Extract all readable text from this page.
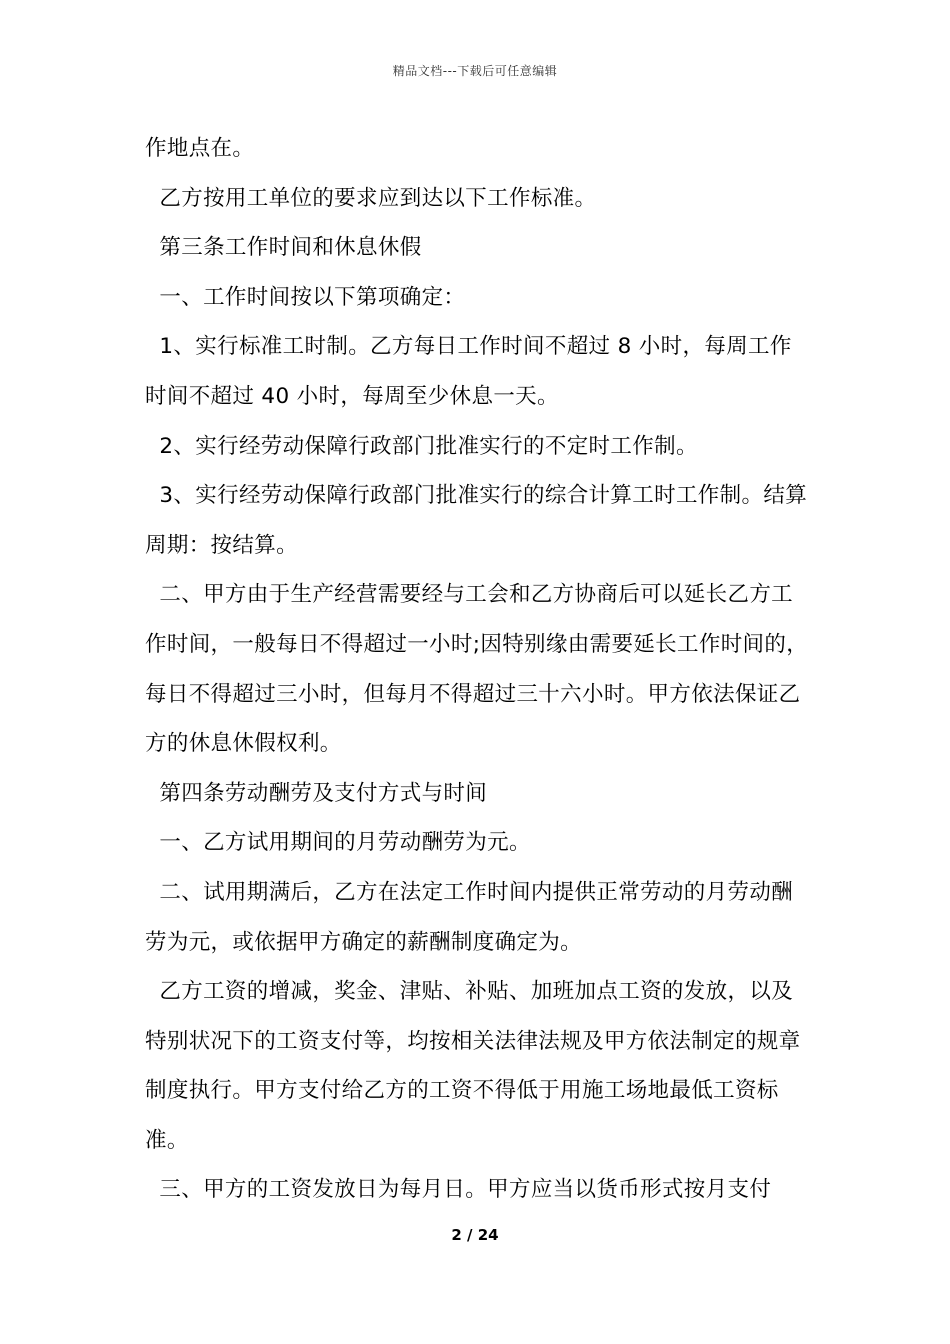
精品文档---下载后可任意编辑

作地点在。

乙方按用工单位的要求应到达以下工作标准。

第三条工作时间和休息休假

一、工作时间按以下第项确定：

1、实行标准工时制。乙方每日工作时间不超过 8 小时，每周工作时间不超过 40 小时，每周至少休息一天。

2、实行经劳动保障行政部门批准实行的不定时工作制。

3、实行经劳动保障行政部门批准实行的综合计算工时工作制。结算周期：按结算。

二、甲方由于生产经营需要经与工会和乙方协商后可以延长乙方工作时间，一般每日不得超过一小时;因特别缘由需要延长工作时间的，每日不得超过三小时，但每月不得超过三十六小时。甲方依法保证乙方的休息休假权利。

第四条劳动酬劳及支付方式与时间

一、乙方试用期间的月劳动酬劳为元。

二、试用期满后，乙方在法定工作时间内提供正常劳动的月劳动酬劳为元，或依据甲方确定的薪酬制度确定为。

乙方工资的增减，奖金、津贴、补贴、加班加点工资的发放，以及特别状况下的工资支付等，均按相关法律法规及甲方依法制定的规章制度执行。甲方支付给乙方的工资不得低于用施工场地最低工资标准。

三、甲方的工资发放日为每月日。甲方应当以货币形式按月支付

2 / 24
